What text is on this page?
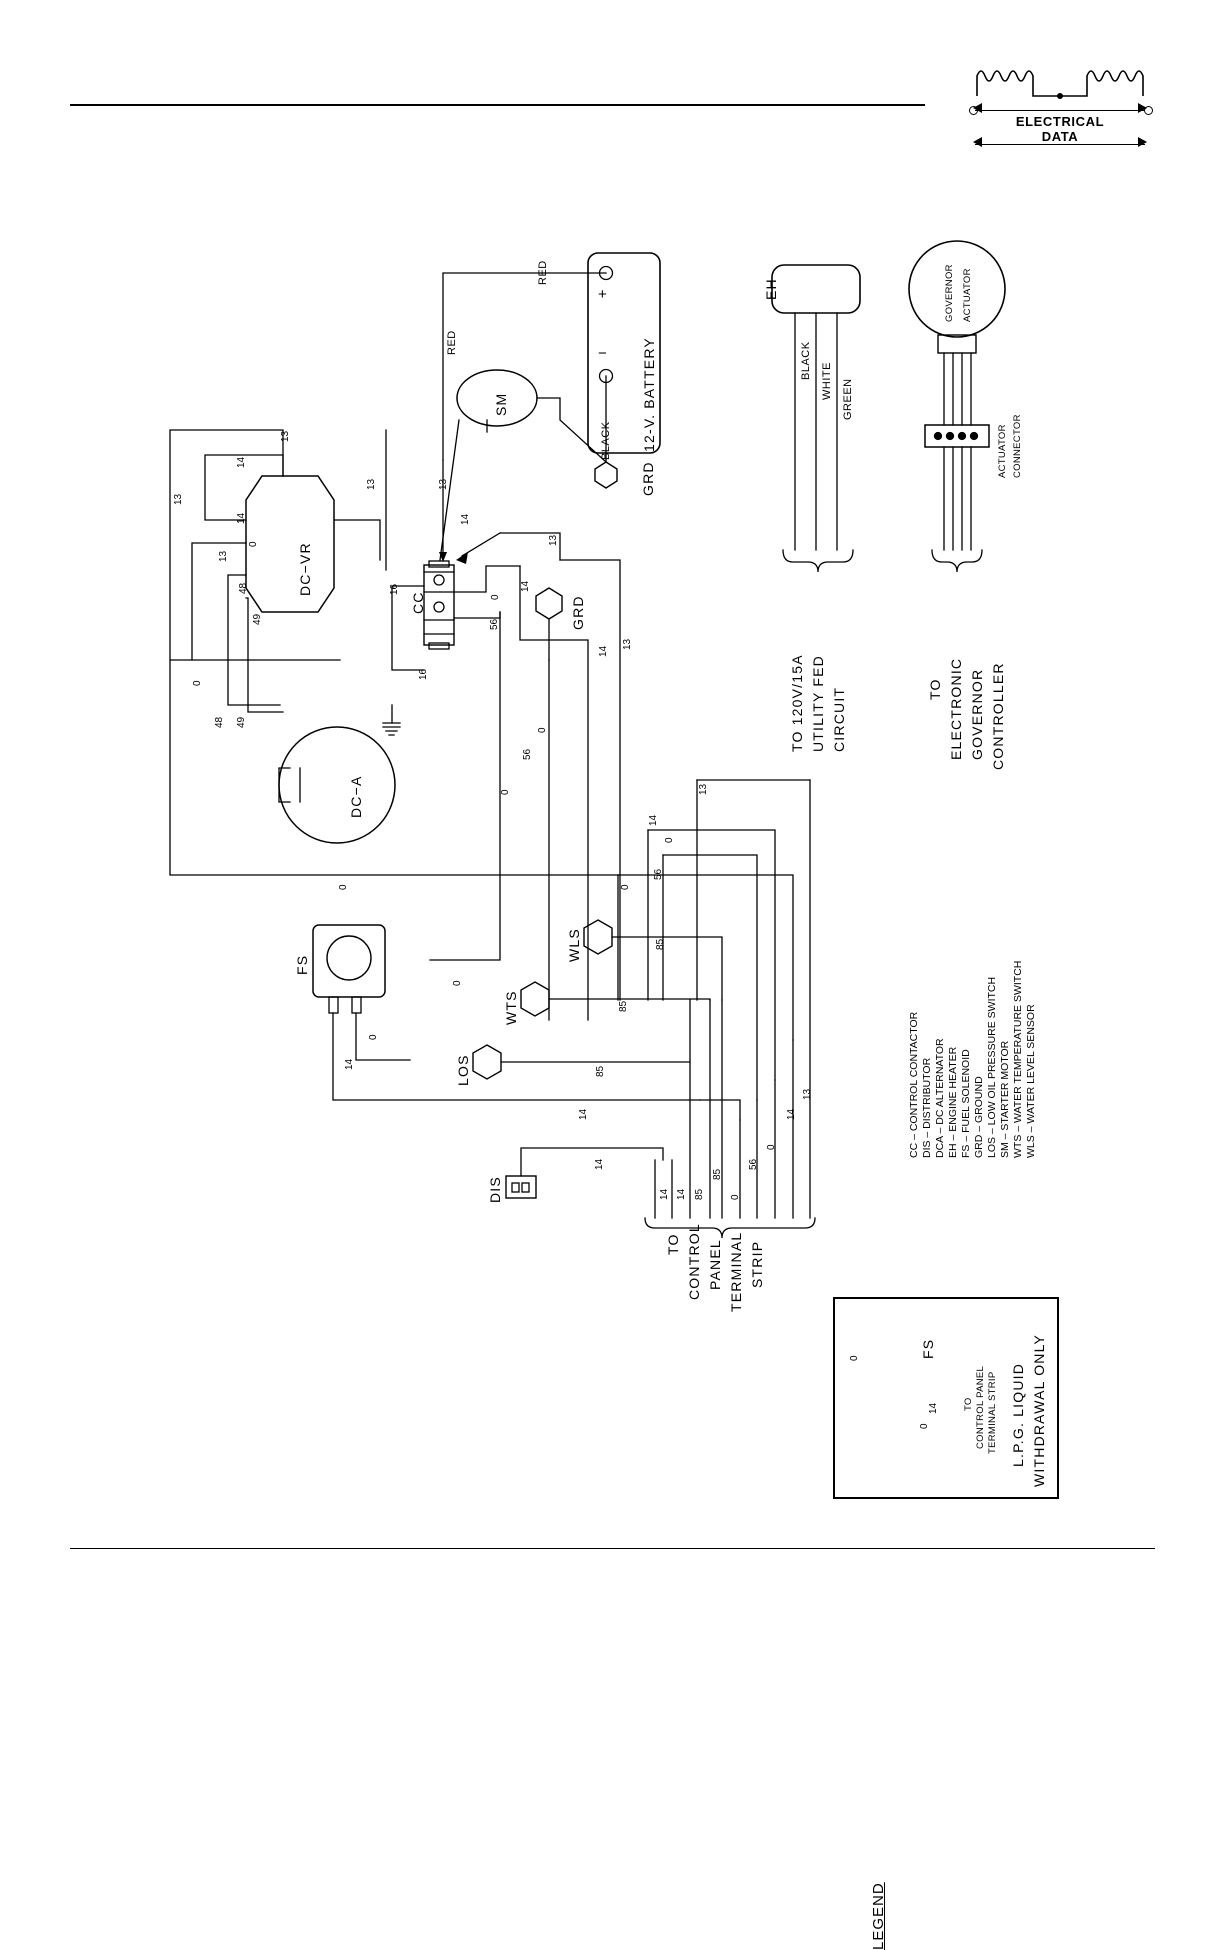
ELECTRICAL
DATA
12-V. BATTERY
+
−
RED
RED
BLACK
GRD
SM
DC−VR
DC−A
CC	GRD
EH
BLACK
WHITE GREEN
GOVERNOR ACTUATOR
ACTUATOR CONNECTOR
TO 120V/15A UTILITY FED CIRCUIT	TO ELECTRONIC GOVERNOR CONTROLLER
WLS
WTS
LOS
FS
DIS
TO CONTROL PANEL TERMINAL STRIP
13
14
13
14
0
13
48
49
0
48 49
13	13
14
13
16
16
14
0
56
14
13
0
56
0	13
14
0
56
0	0
85
85
85
14
0
0
14
14
14 14 85
85
0
56
0
14
13
LEGEND
CC – CONTROL CONTACTOR DIS – DISTRIBUTOR DCA – DC ALTERNATOR EH – ENGINE HEATER FS – FUEL SOLENOID GRD – GROUND LOS – LOW OIL PRESSURE SWITCH SM – STARTER MOTOR WTS – WATER TEMPERATURE SWITCH WLS – WATER LEVEL SENSOR
FS
0
14
0
TO CONTROL PANEL TERMINAL STRIP L.P.G. LIQUID WITHDRAWAL ONLY
